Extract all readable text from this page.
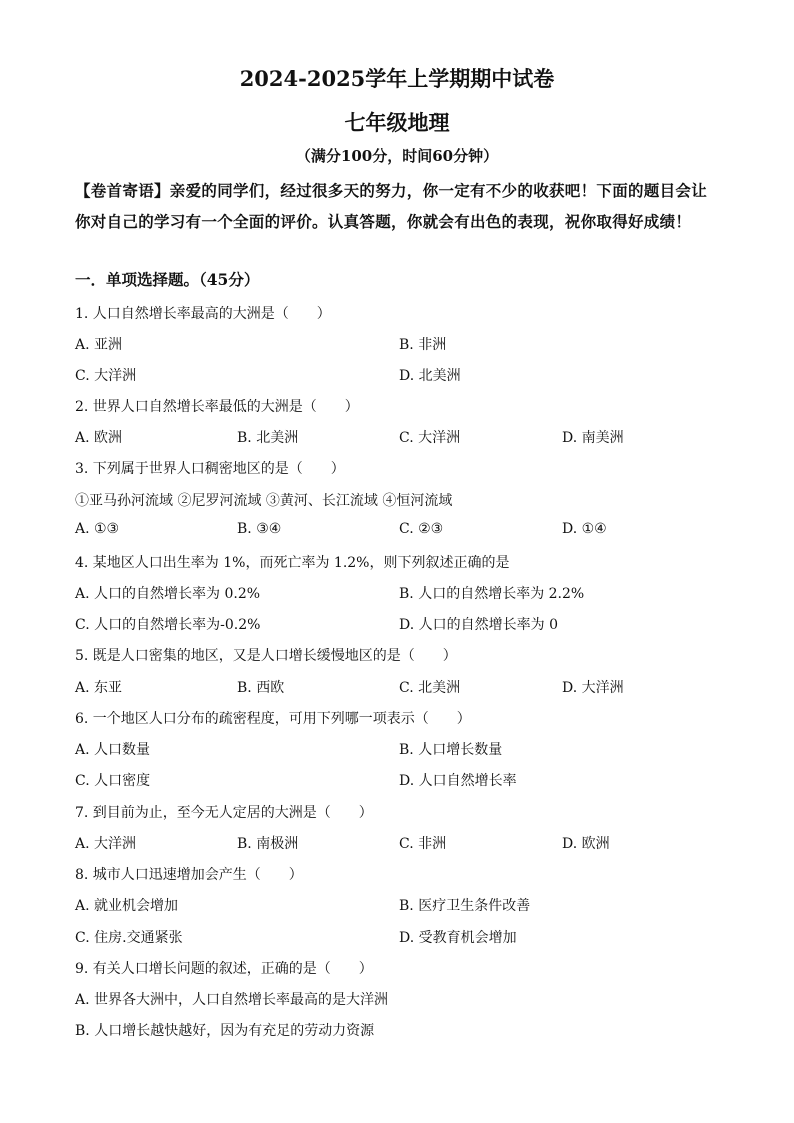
2024-2025学年上学期期中试卷
七年级地理
（满分100分，时间60分钟）
【卷首寄语】亲爱的同学们，经过很多天的努力，你一定有不少的收获吧！下面的题目会让你对自己的学习有一个全面的评价。认真答题，你就会有出色的表现，祝你取得好成绩！
一．单项选择题。（45分）
1. 人口自然增长率最高的大洲是（　　）
A. 亚洲	B. 非洲
C. 大洋洲	D. 北美洲
2. 世界人口自然增长率最低的大洲是（　　）
A. 欧洲	B. 北美洲	C. 大洋洲	D. 南美洲
3. 下列属于世界人口稠密地区的是（　　）
①亚马孙河流域 ②尼罗河流域 ③黄河、长江流域 ④恒河流域
A. ①③	B. ③④	C. ②③	D. ①④
4. 某地区人口出生率为 1%，而死亡率为 1.2%，则下列叙述正确的是
A. 人口的自然增长率为 0.2%	B. 人口的自然增长率为 2.2%
C. 人口的自然增长率为-0.2%	D. 人口的自然增长率为 0
5. 既是人口密集的地区，又是人口增长缓慢地区的是（　　）
A. 东亚	B. 西欧	C. 北美洲	D. 大洋洲
6. 一个地区人口分布的疏密程度，可用下列哪一项表示（　　）
A. 人口数量	B. 人口增长数量
C. 人口密度	D. 人口自然增长率
7. 到目前为止，至今无人定居的大洲是（　　）
A. 大洋洲	B. 南极洲	C. 非洲	D. 欧洲
8. 城市人口迅速增加会产生（　　）
A. 就业机会增加	B. 医疗卫生条件改善
C. 住房.交通紧张	D. 受教育机会增加
9. 有关人口增长问题的叙述，正确的是（　　）
A. 世界各大洲中，人口自然增长率最高的是大洋洲
B. 人口增长越快越好，因为有充足的劳动力资源
